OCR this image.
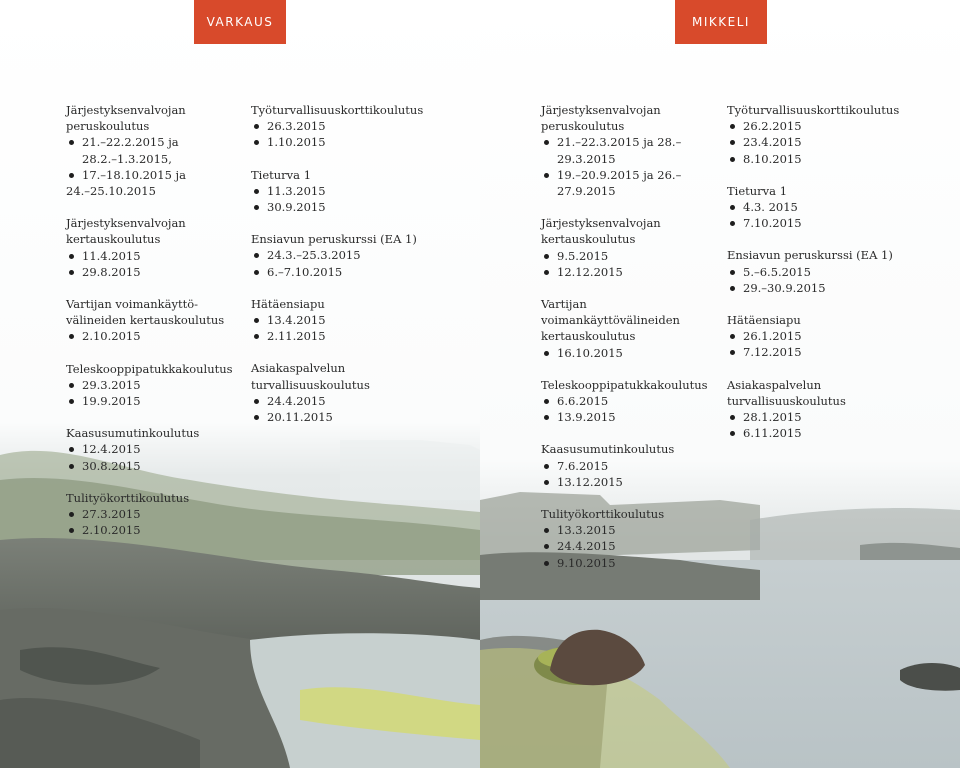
VARKAUS
Järjestyksenvalvojan peruskoulutus
21.–22.2.2015 ja
28.2.–1.3.2015,
17.–18.10.2015 ja
24.–25.10.2015
Järjestyksenvalvojan kertauskoulutus
11.4.2015
29.8.2015
Vartijan voimankäyttö-välineiden kertauskoulutus
2.10.2015
Teleskooppipatukkakoulutus
29.3.2015
19.9.2015
Kaasusumutinkoulutus
12.4.2015
30.8.2015
Tulityökorttikoulutus
27.3.2015
2.10.2015
Työturvallisuuskorttikoulutus
26.3.2015
1.10.2015
Tieturva 1
11.3.2015
30.9.2015
Ensiavun peruskurssi (EA 1)
24.3.–25.3.2015
6.–7.10.2015
Hätäensiapu
13.4.2015
2.11.2015
Asiakaspalvelun turvallisuuskoulutus
24.4.2015
20.11.2015
MIKKELI
Järjestyksenvalvojan peruskoulutus
21.–22.3.2015 ja 28.–29.3.2015
19.–20.9.2015 ja 26.–27.9.2015
Järjestyksenvalvojan kertauskoulutus
9.5.2015
12.12.2015
Vartijan voimankäyttövälineiden kertauskoulutus
16.10.2015
Teleskooppipatukkakoulutus
6.6.2015
13.9.2015
Kaasusumutinkoulutus
7.6.2015
13.12.2015
Tulityökorttikoulutus
13.3.2015
24.4.2015
9.10.2015
Työturvallisuuskorttikoulutus
26.2.2015
23.4.2015
8.10.2015
Tieturva 1
4.3. 2015
7.10.2015
Ensiavun peruskurssi (EA 1)
5.–6.5.2015
29.–30.9.2015
Hätäensiapu
26.1.2015
7.12.2015
Asiakaspalvelun turvallisuuskoulutus
28.1.2015
6.11.2015
